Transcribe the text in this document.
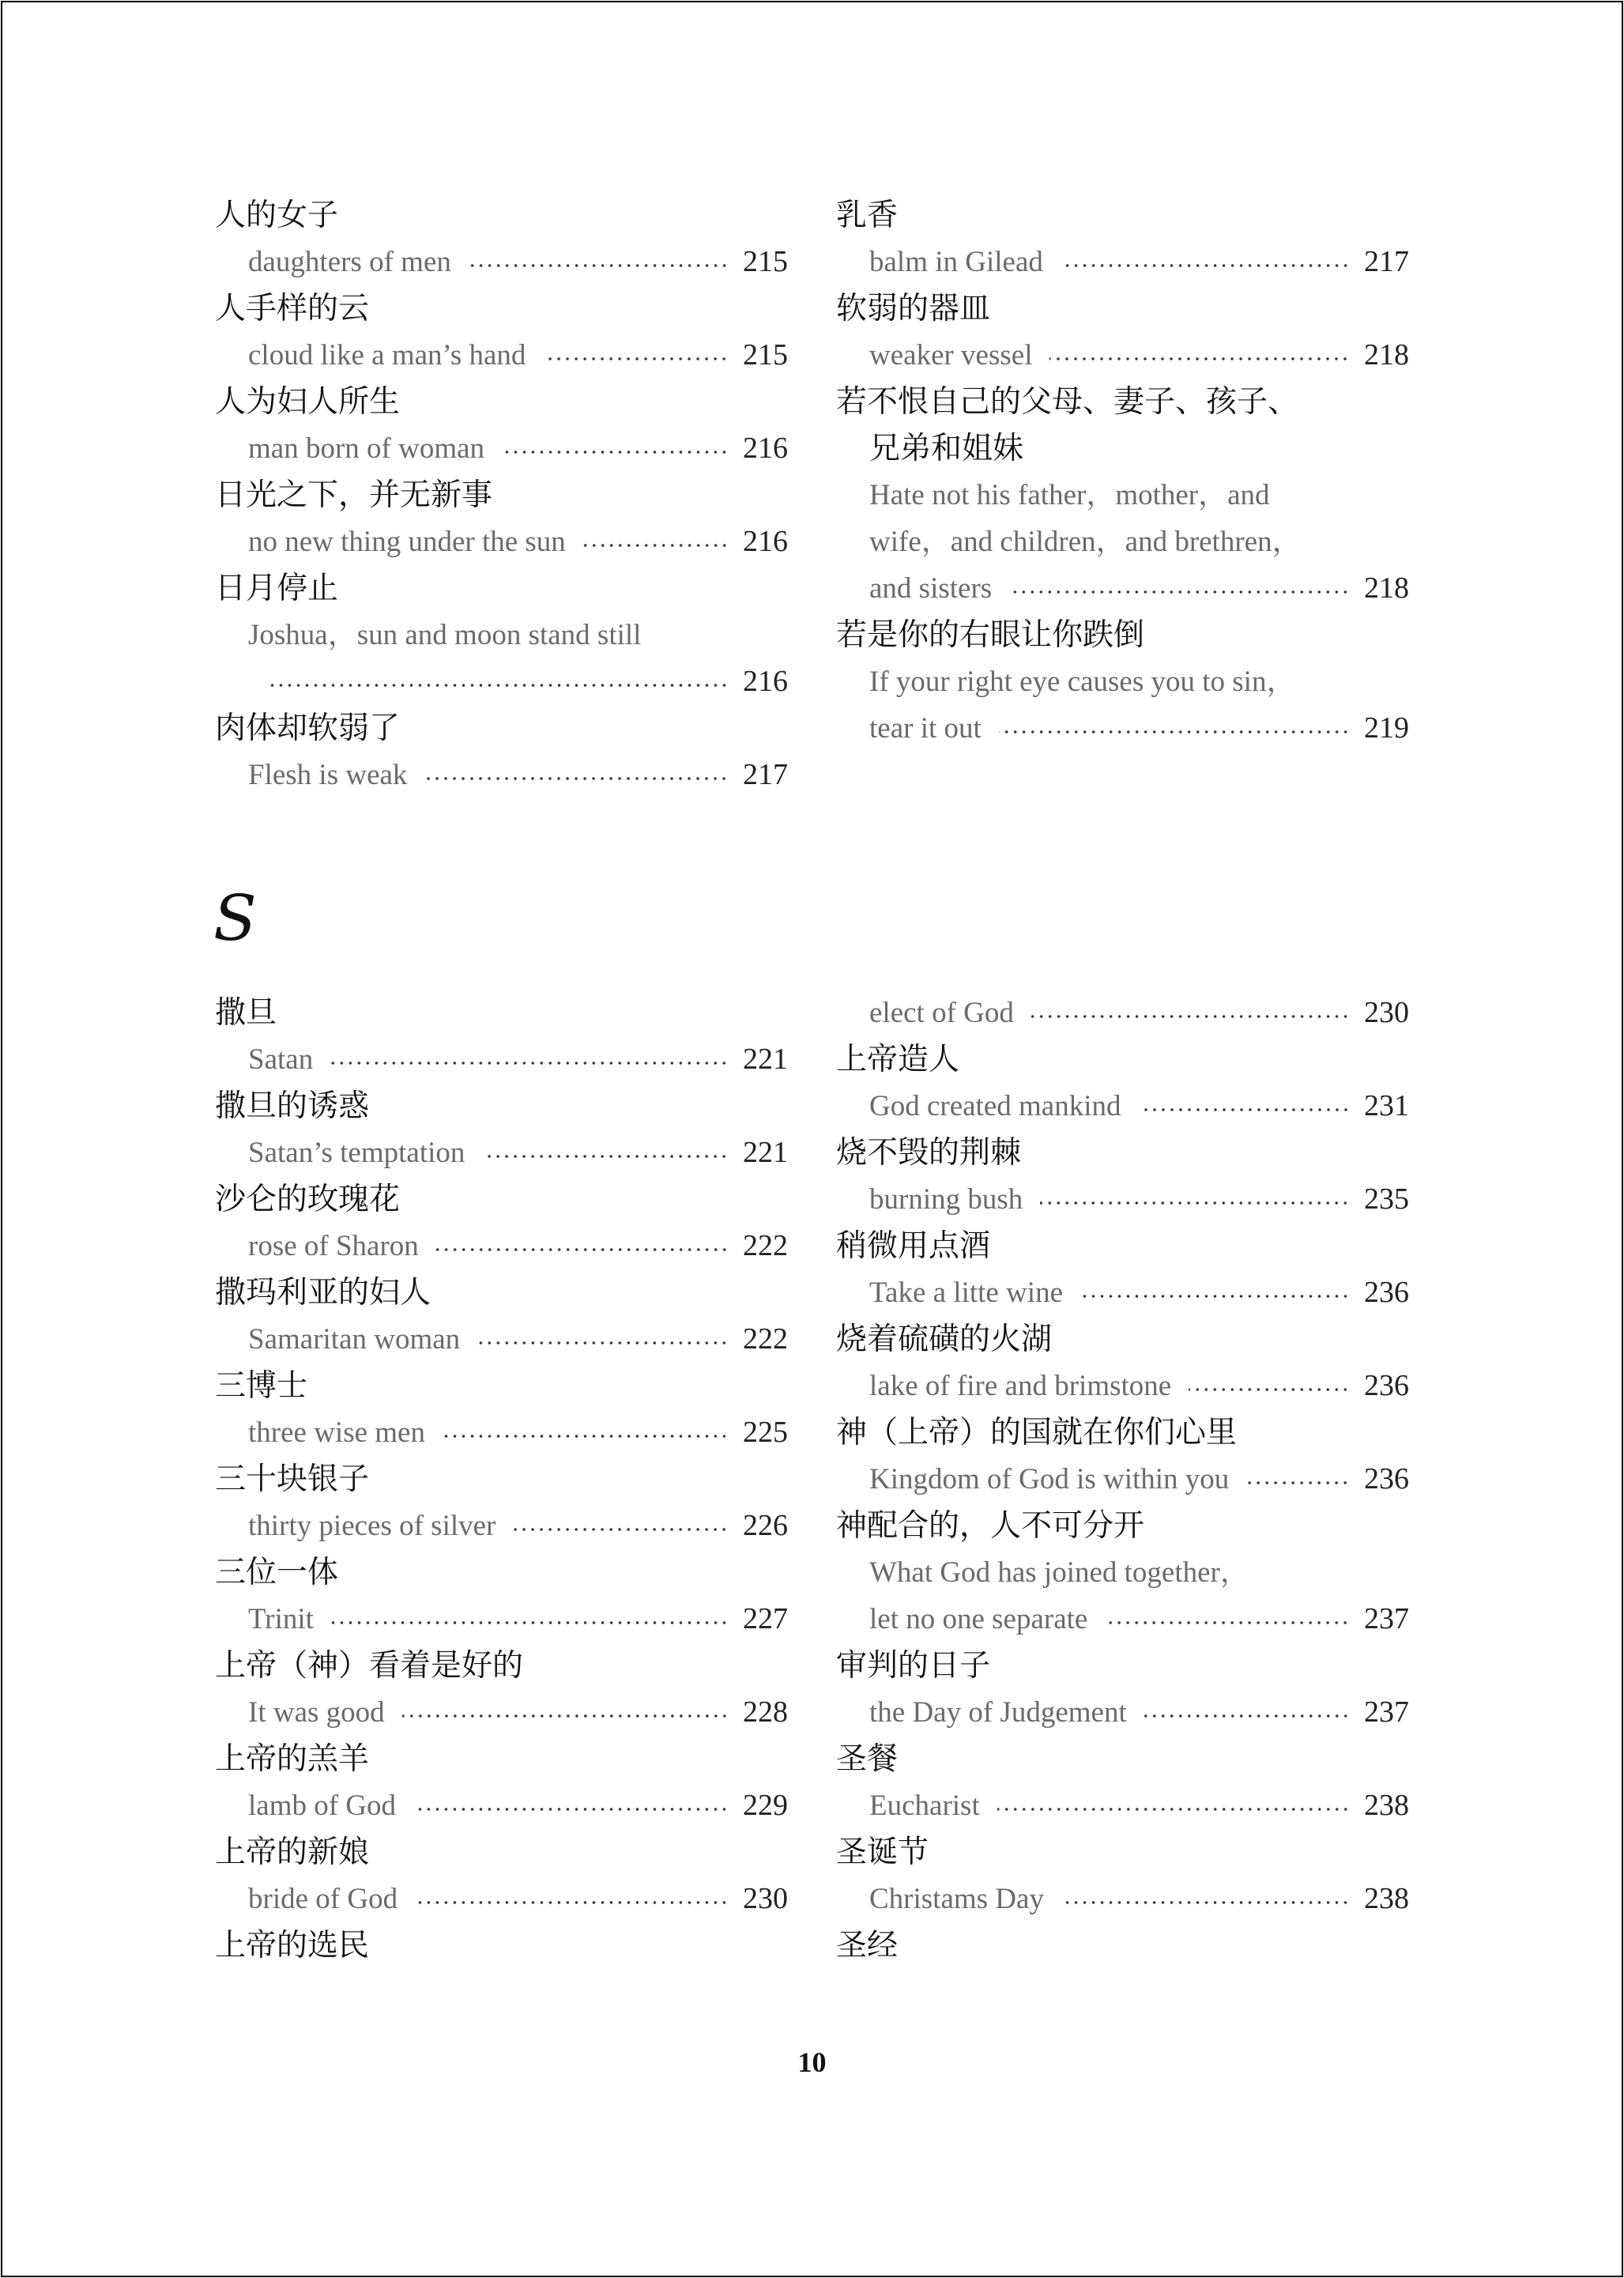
人的女子
daughters of men	215
人手样的云
cloud like a man’s hand	215
人为妇人所生
man born of woman	216
日光之下，并无新事
no new thing under the sun	216
日月停止
Joshua，sun and moon stand still
216
肉体却软弱了
Flesh is weak	217
乳香
balm in Gilead	217
软弱的器皿
weaker vessel	218
若不恨自己的父母、妻子、孩子、
兄弟和姐妹
Hate not his father，mother，and
wife，and children，and brethren，
and sisters	218
若是你的右眼让你跌倒
If your right eye causes you to sin，
tear it out	219
S
撒旦
Satan	221
撒旦的诱惑
Satan’s temptation	221
沙仑的玫瑰花
rose of Sharon	222
撒玛利亚的妇人
Samaritan woman	222
三博士
three wise men	225
三十块银子
thirty pieces of silver	226
三位一体
Trinit	227
上帝（神）看着是好的
It was good	228
上帝的羔羊
lamb of God	229
上帝的新娘
bride of God	230
上帝的选民
elect of God	230
上帝造人
God created mankind	231
烧不毁的荆棘
burning bush	235
稍微用点酒
Take a litte wine	236
烧着硫磺的火湖
lake of fire and brimstone	236
神（上帝）的国就在你们心里
Kingdom of God is within you	236
神配合的，人不可分开
What God has joined together，
let no one separate	237
审判的日子
the Day of Judgement	237
圣餐
Eucharist	238
圣诞节
Christams Day	238
圣经
10
